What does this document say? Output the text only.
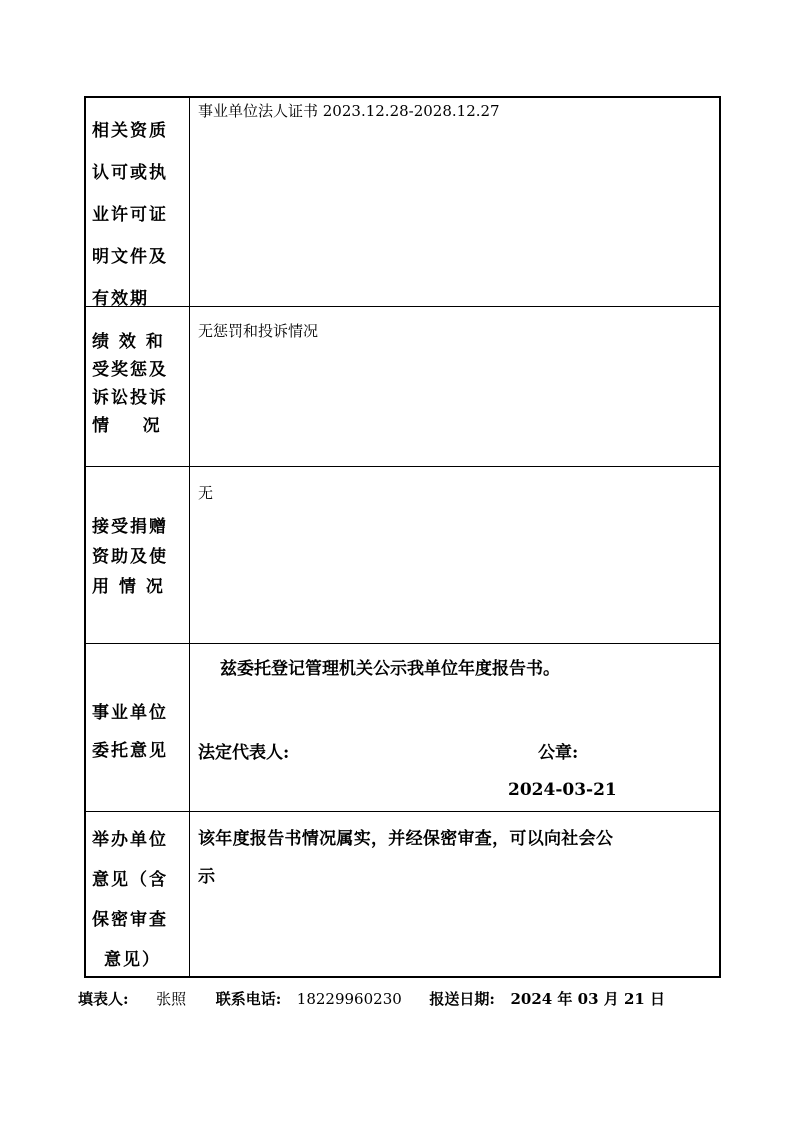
相关资质
认可或执
业许可证
明文件及
有效期
事业单位法人证书 2023.12.28-2028.12.27
绩 效 和
受奖惩及
诉讼投诉
情    况
无惩罚和投诉情况
接受捐赠
资助及使
用 情 况
无
事业单位
委托意见
兹委托登记管理机关公示我单位年度报告书。
法定代表人:	公章:
2024-03-21
举办单位
意见（含
保密审查
意见）
该年度报告书情况属实，并经保密审查，可以向社会公
示
填表人: 张照 联系电话: 18229960230 报送日期: 2024 年 03 月 21 日
